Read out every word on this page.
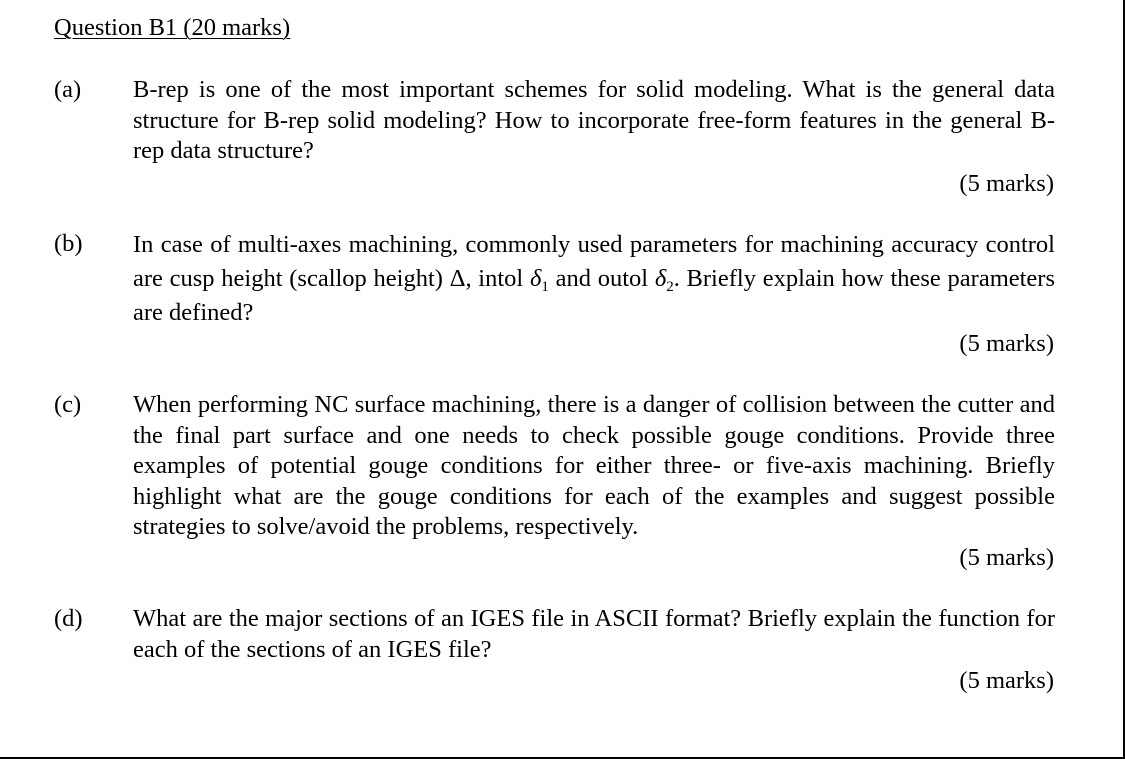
Question B1 (20 marks)
(a) B-rep is one of the most important schemes for solid modeling. What is the general data structure for B-rep solid modeling? How to incorporate free-form features in the general B-rep data structure?

(5 marks)
(b) In case of multi-axes machining, commonly used parameters for machining accuracy control are cusp height (scallop height) Δ, intol $\delta_1$ and outol $\delta_2$. Briefly explain how these parameters are defined?

(5 marks)
(c) When performing NC surface machining, there is a danger of collision between the cutter and the final part surface and one needs to check possible gouge conditions. Provide three examples of potential gouge conditions for either three- or five-axis machining. Briefly highlight what are the gouge conditions for each of the examples and suggest possible strategies to solve/avoid the problems, respectively.

(5 marks)
(d) What are the major sections of an IGES file in ASCII format? Briefly explain the function for each of the sections of an IGES file?

(5 marks)
